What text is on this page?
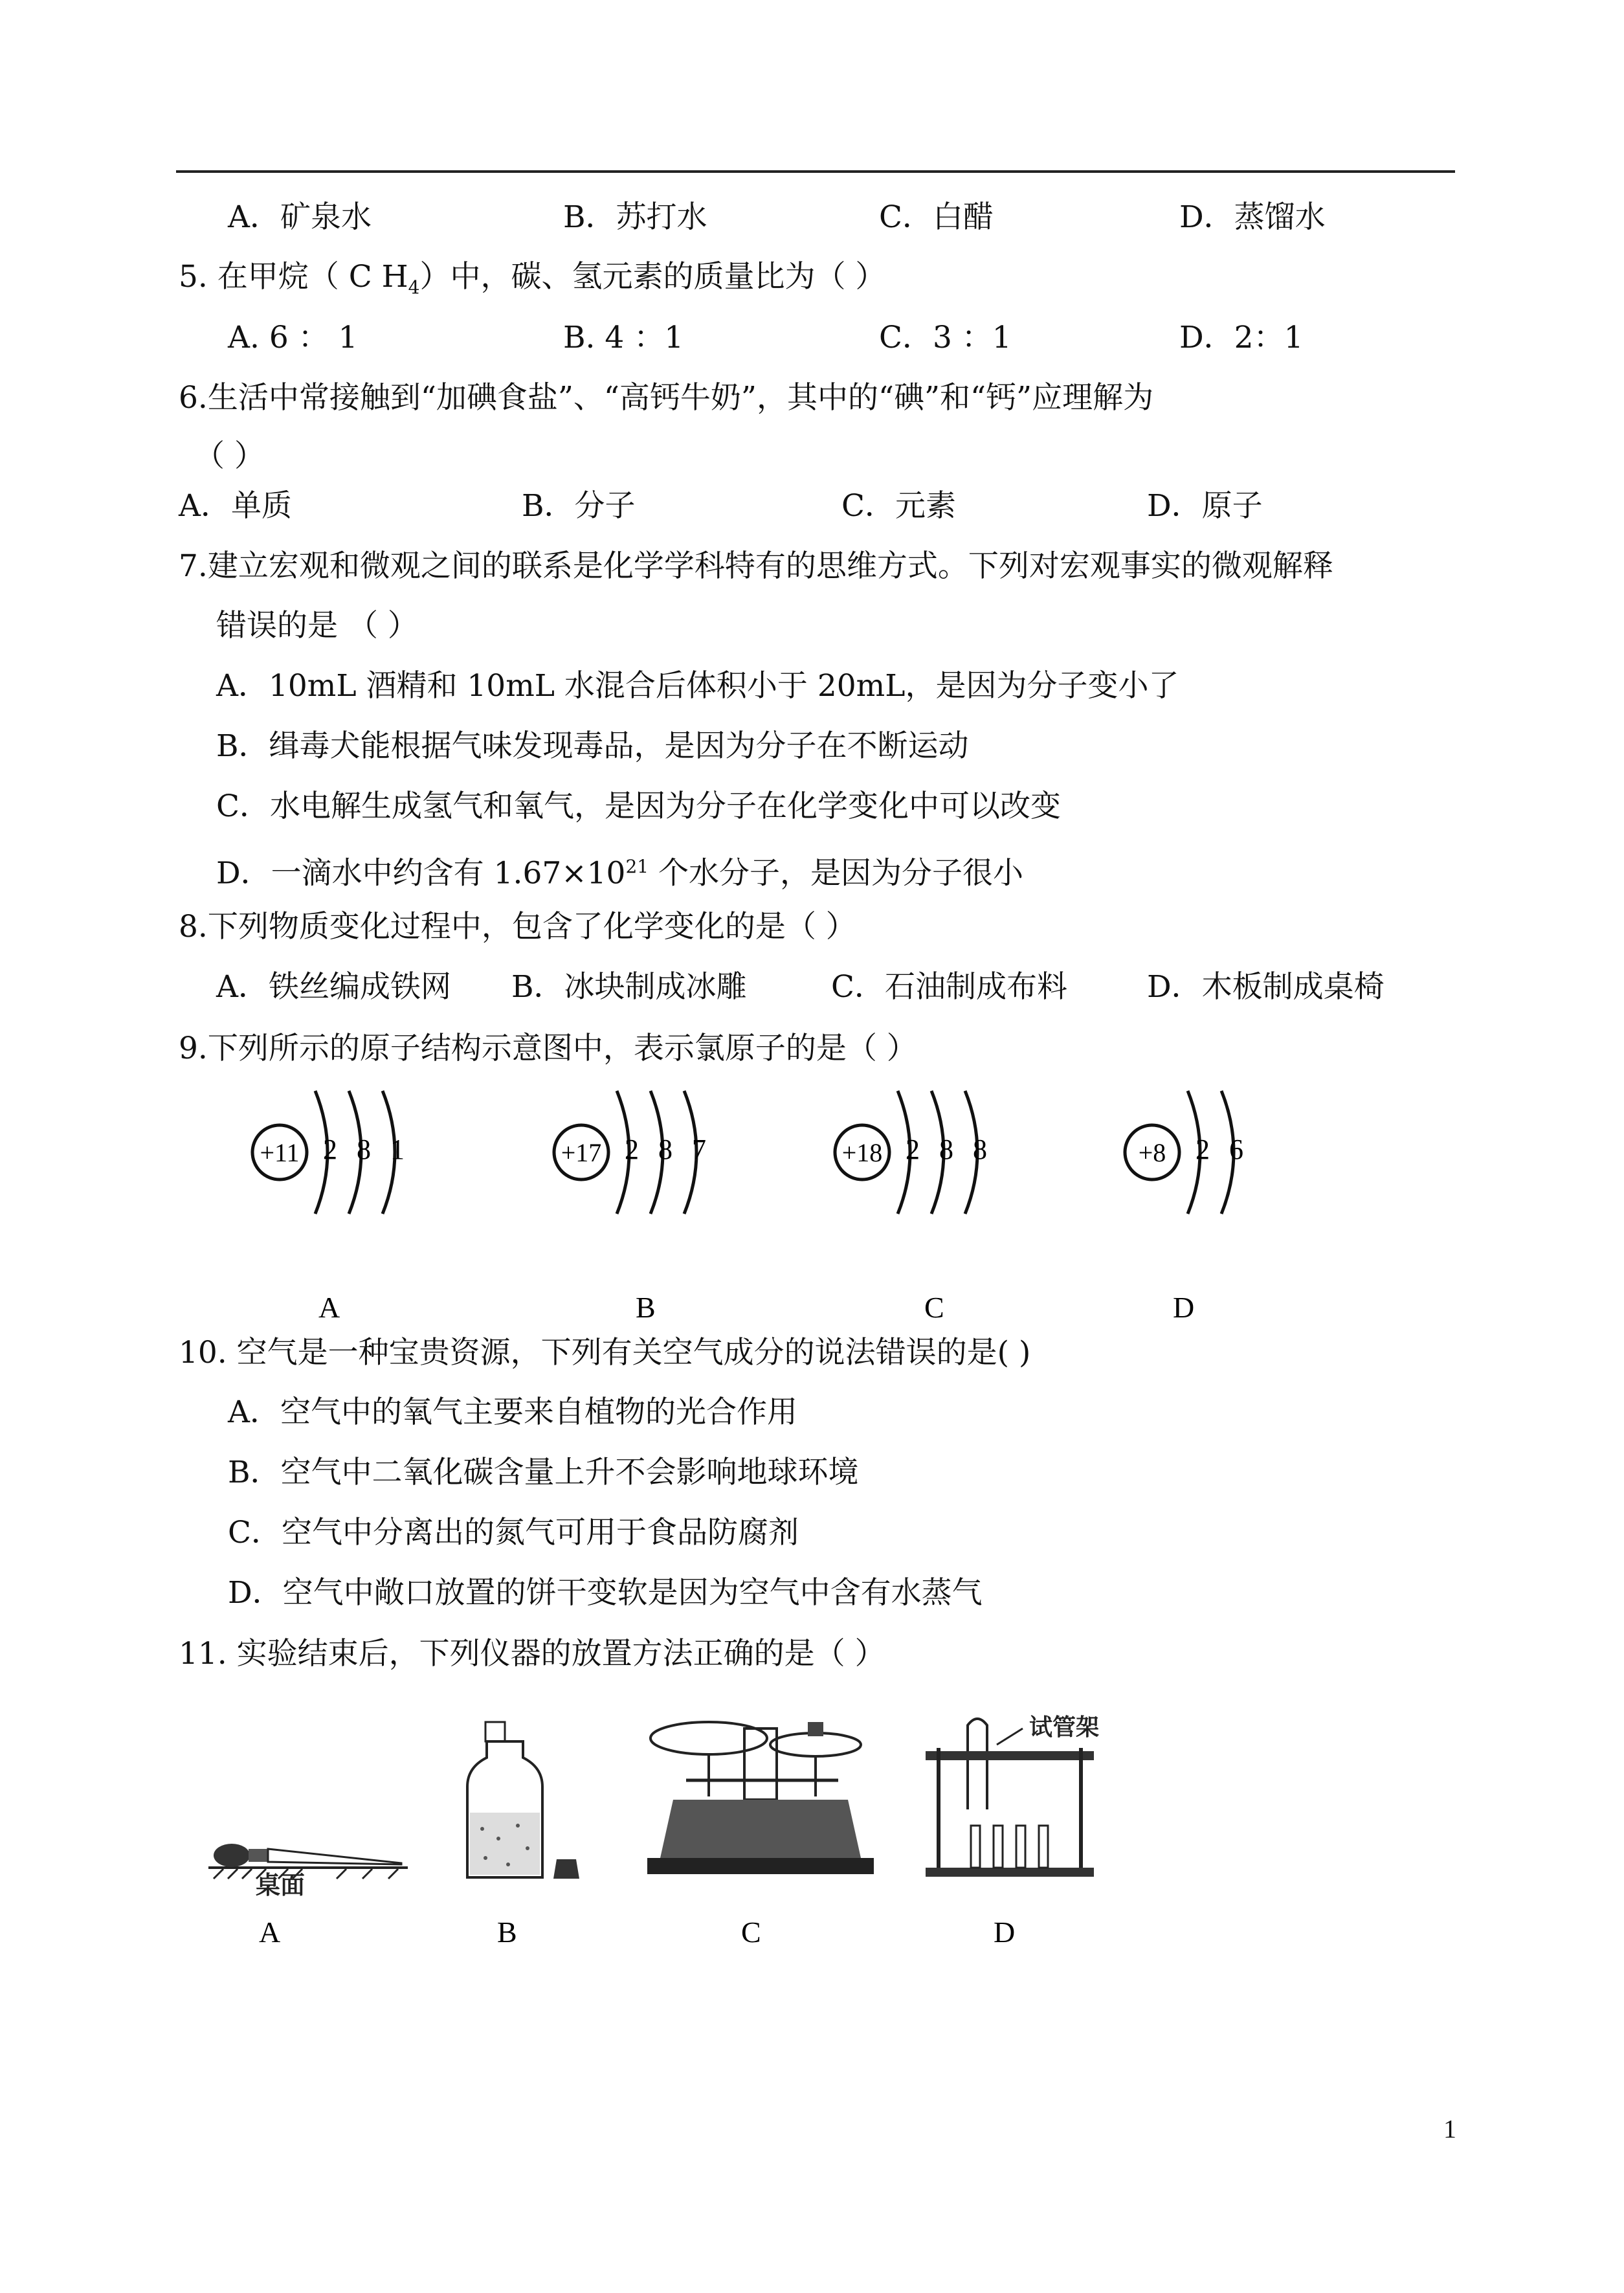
A．矿泉水	B．苏打水	C．白醋	D．蒸馏水
5. 在甲烷（ C $H_4$）中，碳、氢元素的质量比为（ ）
A. 6 ： 1	B. 4 ：1	C．3 ：1	D．2：1
6.生活中常接触到“加碘食盐”、“高钙牛奶”，其中的“碘”和“钙”应理解为
（ ）
A．单质	B．分子	C．元素	D．原子
7.建立宏观和微观之间的联系是化学学科特有的思维方式。下列对宏观事实的微观解释
错误的是 （ ）
A．10mL 酒精和 10mL 水混合后体积小于 20mL，是因为分子变小了
B．缉毒犬能根据气味发现毒品，是因为分子在不断运动
C．水电解生成氢气和氧气，是因为分子在化学变化中可以改变
D．一滴水中约含有 $1.67\times 10^{21}$ 个水分子，是因为分子很小
8.下列物质变化过程中，包含了化学变化的是（ ）
A．铁丝编成铁网 B．冰块制成冰雕	C．石油制成布料	D．木板制成桌椅
9.下列所示的原子结构示意图中，表示氯原子的是（ ）
+11 2 8 1
A
+17 2 8 7
B
+18 2 8 8
C
+8 2 6
D
10. 空气是一种宝贵资源，下列有关空气成分的说法错误的是( )
A．空气中的氧气主要来自植物的光合作用
B．空气中二氧化碳含量上升不会影响地球环境
C．空气中分离出的氮气可用于食品防腐剂
D．空气中敞口放置的饼干变软是因为空气中含有水蒸气
11. 实验结束后，下列仪器的放置方法正确的是（ ）
桌面
试管架
A	B	C	D
1
